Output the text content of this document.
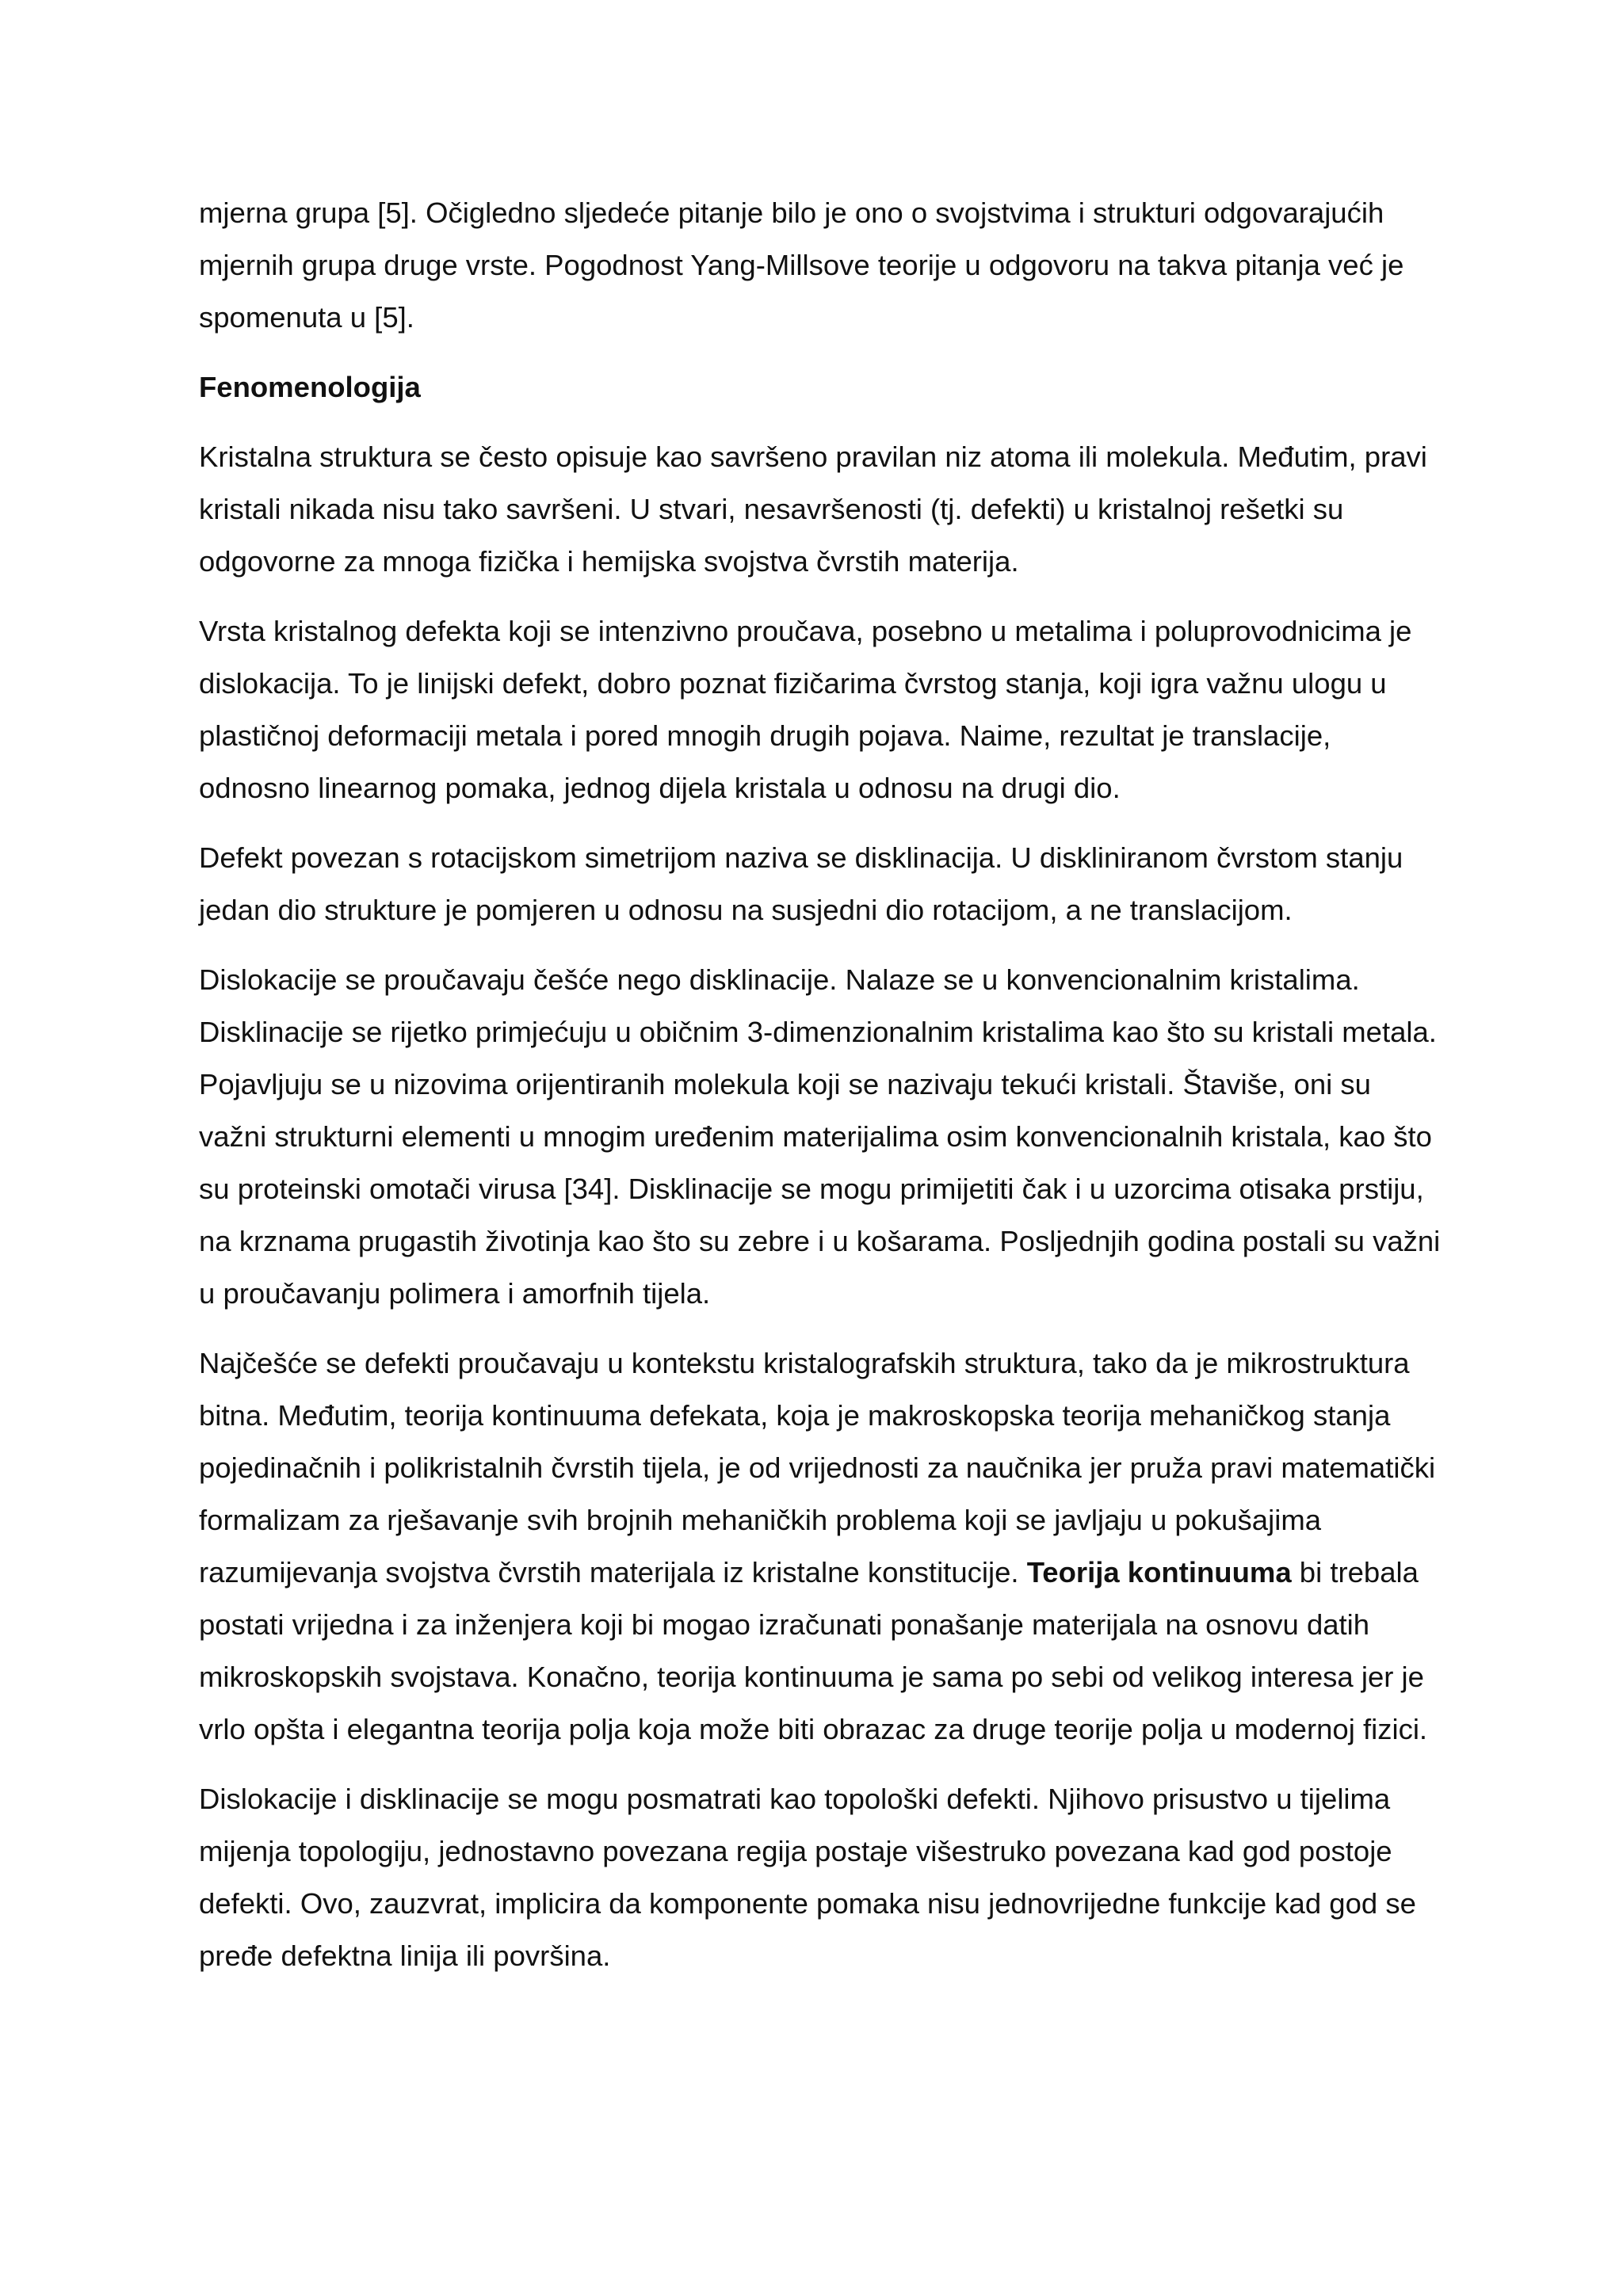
mjerna grupa [5]. Očigledno sljedeće pitanje bilo je ono o svojstvima i strukturi odgovarajućih mjernih grupa druge vrste. Pogodnost Yang-Millsove teorije u odgovoru na takva pitanja već je spomenuta u [5].

Fenomenologija

Kristalna struktura se često opisuje kao savršeno pravilan niz atoma ili molekula. Međutim, pravi kristali nikada nisu tako savršeni. U stvari, nesavršenosti (tj. defekti) u kristalnoj rešetki su odgovorne za mnoga fizička i hemijska svojstva čvrstih materija.

Vrsta kristalnog defekta koji se intenzivno proučava, posebno u metalima i poluprovodnicima je dislokacija. To je linijski defekt, dobro poznat fizičarima čvrstog stanja, koji igra važnu ulogu u plastičnoj deformaciji metala i pored mnogih drugih pojava. Naime, rezultat je translacije, odnosno linearnog pomaka, jednog dijela kristala u odnosu na drugi dio.

Defekt povezan s rotacijskom simetrijom naziva se disklinacija. U diskliniranom čvrstom stanju jedan dio strukture je pomjeren u odnosu na susjedni dio rotacijom, a ne translacijom.

Dislokacije se proučavaju češće nego disklinacije. Nalaze se u konvencionalnim kristalima. Disklinacije se rijetko primjećuju u običnim 3-dimenzionalnim kristalima kao što su kristali metala. Pojavljuju se u nizovima orijentiranih molekula koji se nazivaju tekući kristali. Štaviše, oni su važni strukturni elementi u mnogim uređenim materijalima osim konvencionalnih kristala, kao što su proteinski omotači virusa [34]. Disklinacije se mogu primijetiti čak i u uzorcima otisaka prstiju, na krznama prugastih životinja kao što su zebre i u košarama. Posljednjih godina postali su važni u proučavanju polimera i amorfnih tijela.

Najčešće se defekti proučavaju u kontekstu kristalografskih struktura, tako da je mikrostruktura bitna. Međutim, teorija kontinuuma defekata, koja je makroskopska teorija mehaničkog stanja pojedinačnih i polikristalnih čvrstih tijela, je od vrijednosti za naučnika jer pruža pravi matematički formalizam za rješavanje svih brojnih mehaničkih problema koji se javljaju u pokušajima razumijevanja svojstva čvrstih materijala iz kristalne konstitucije. Teorija kontinuuma bi trebala postati vrijedna i za inženjera koji bi mogao izračunati ponašanje materijala na osnovu datih mikroskopskih svojstava. Konačno, teorija kontinuuma je sama po sebi od velikog interesa jer je vrlo opšta i elegantna teorija polja koja može biti obrazac za druge teorije polja u modernoj fizici.

Dislokacije i disklinacije se mogu posmatrati kao topološki defekti. Njihovo prisustvo u tijelima mijenja topologiju, jednostavno povezana regija postaje višestruko povezana kad god postoje defekti. Ovo, zauzvrat, implicira da komponente pomaka nisu jednovrijedne funkcije kad god se pređe defektna linija ili površina.
